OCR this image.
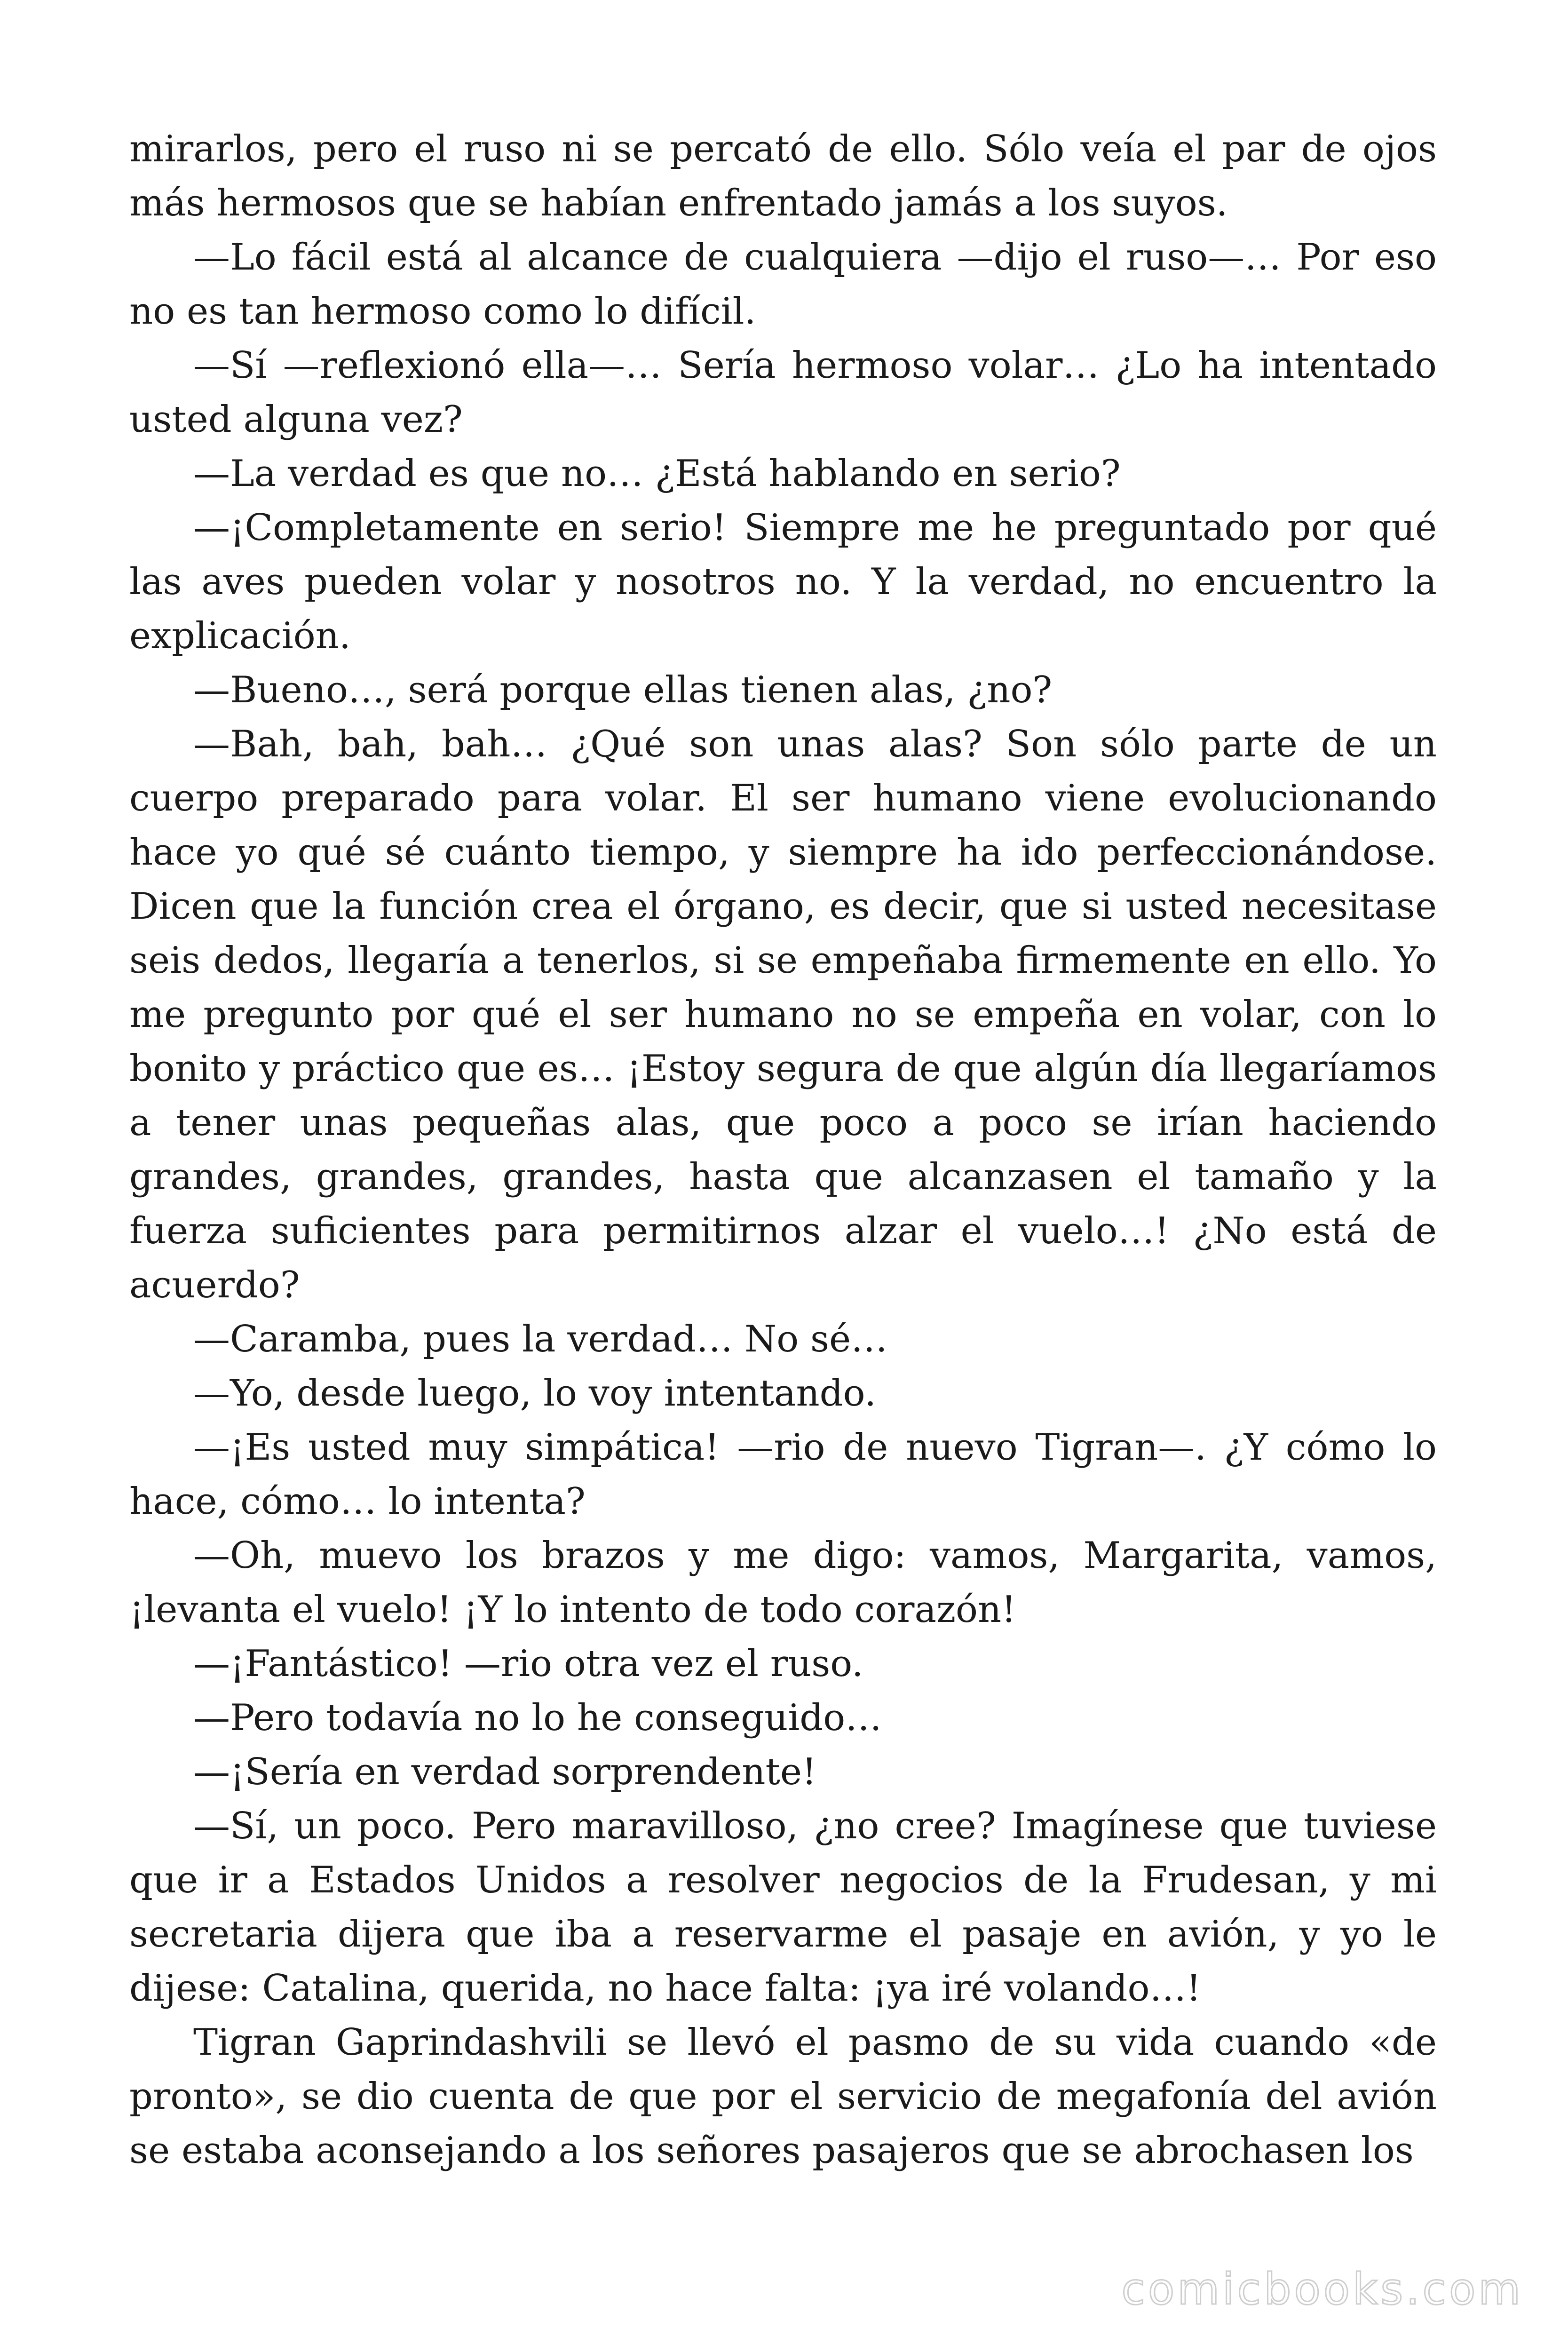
mirarlos, pero el ruso ni se percató de ello. Sólo veía el par de ojos más hermosos que se habían enfrentado jamás a los suyos.

—Lo fácil está al alcance de cualquiera —dijo el ruso—… Por eso no es tan hermoso como lo difícil.

—Sí —reflexionó ella—… Sería hermoso volar… ¿Lo ha intentado usted alguna vez?

—La verdad es que no… ¿Está hablando en serio?

—¡Completamente en serio! Siempre me he preguntado por qué las aves pueden volar y nosotros no. Y la verdad, no encuentro la explicación.

—Bueno…, será porque ellas tienen alas, ¿no?

—Bah, bah, bah… ¿Qué son unas alas? Son sólo parte de un cuerpo preparado para volar. El ser humano viene evolucionando hace yo qué sé cuánto tiempo, y siempre ha ido perfeccionándose. Dicen que la función crea el órgano, es decir, que si usted necesitase seis dedos, llegaría a tenerlos, si se empeñaba firmemente en ello. Yo me pregunto por qué el ser humano no se empeña en volar, con lo bonito y práctico que es… ¡Estoy segura de que algún día llegaríamos a tener unas pequeñas alas, que poco a poco se irían haciendo grandes, grandes, grandes, hasta que alcanzasen el tamaño y la fuerza suficientes para permitirnos alzar el vuelo…! ¿No está de acuerdo?

—Caramba, pues la verdad… No sé…

—Yo, desde luego, lo voy intentando.

—¡Es usted muy simpática! —rio de nuevo Tigran—. ¿Y cómo lo hace, cómo… lo intenta?

—Oh, muevo los brazos y me digo: vamos, Margarita, vamos, ¡levanta el vuelo! ¡Y lo intento de todo corazón!

—¡Fantástico! —rio otra vez el ruso.

—Pero todavía no lo he conseguido…

—¡Sería en verdad sorprendente!

—Sí, un poco. Pero maravilloso, ¿no cree? Imagínese que tuviese que ir a Estados Unidos a resolver negocios de la Frudesan, y mi secretaria dijera que iba a reservarme el pasaje en avión, y yo le dijese: Catalina, querida, no hace falta: ¡ya iré volando…!

Tigran Gaprindashvili se llevó el pasmo de su vida cuando «de pronto», se dio cuenta de que por el servicio de megafonía del avión se estaba aconsejando a los señores pasajeros que se abrochasen los

comicbooks.com
